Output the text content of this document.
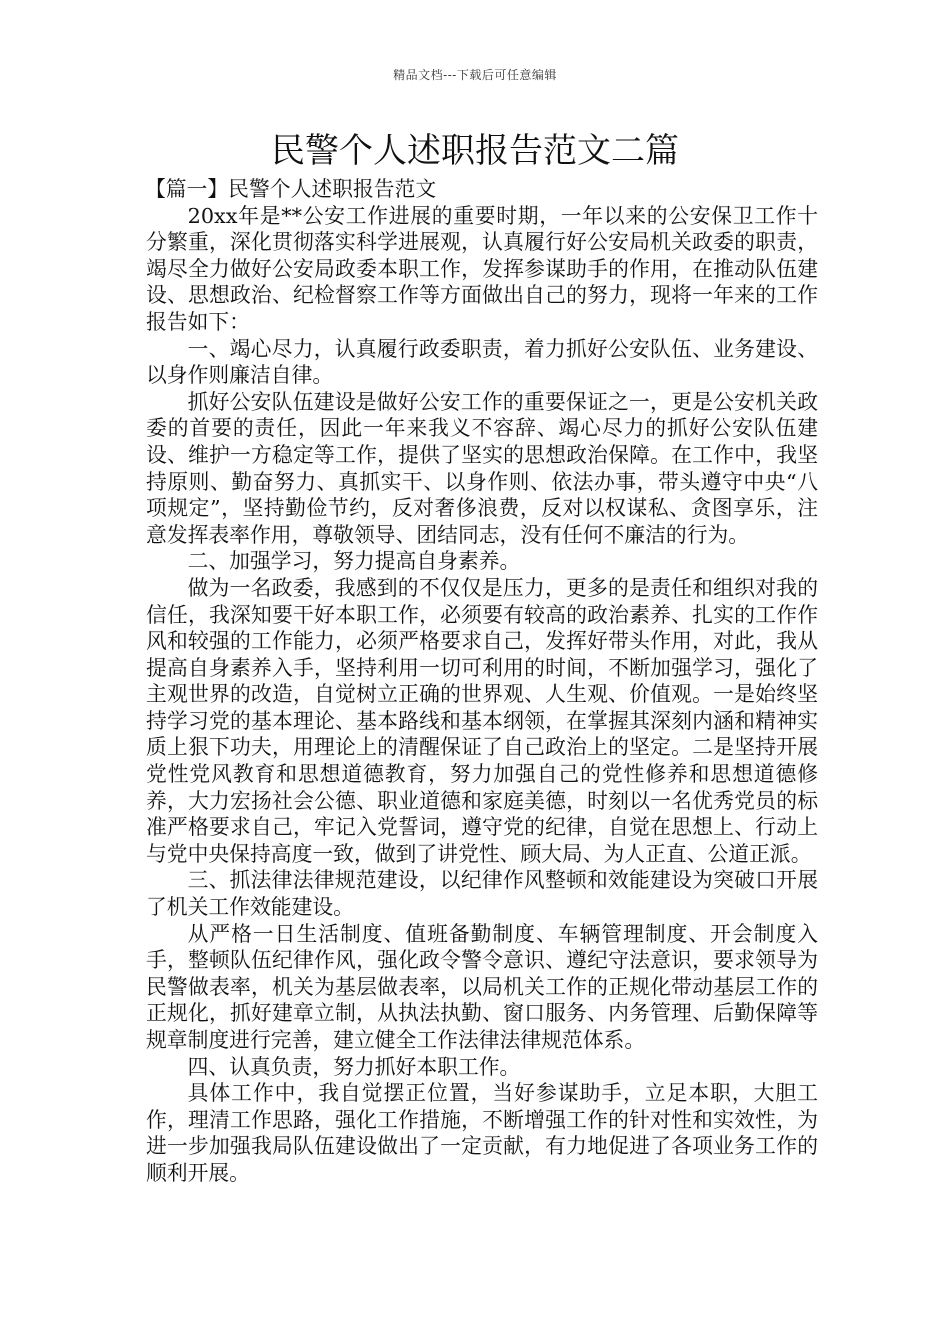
精品文档---下载后可任意编辑
民警个人述职报告范文二篇
【篇一】民警个人述职报告范文

20xx年是**公安工作进展的重要时期，一年以来的公安保卫工作十分繁重，深化贯彻落实科学进展观，认真履行好公安局机关政委的职责，竭尽全力做好公安局政委本职工作，发挥参谋助手的作用，在推动队伍建设、思想政治、纪检督察工作等方面做出自己的努力，现将一年来的工作报告如下：

一、竭心尽力，认真履行政委职责，着力抓好公安队伍、业务建设、以身作则廉洁自律。

抓好公安队伍建设是做好公安工作的重要保证之一，更是公安机关政委的首要的责任，因此一年来我义不容辞、竭心尽力的抓好公安队伍建设、维护一方稳定等工作，提供了坚实的思想政治保障。在工作中，我坚持原则、勤奋努力、真抓实干、以身作则、依法办事，带头遵守中央“八项规定”，坚持勤俭节约，反对奢侈浪费，反对以权谋私、贪图享乐，注意发挥表率作用，尊敬领导、团结同志，没有任何不廉洁的行为。

二、加强学习，努力提高自身素养。

做为一名政委，我感到的不仅仅是压力，更多的是责任和组织对我的信任，我深知要干好本职工作，必须要有较高的政治素养、扎实的工作作风和较强的工作能力，必须严格要求自己，发挥好带头作用，对此，我从提高自身素养入手，坚持利用一切可利用的时间，不断加强学习，强化了主观世界的改造，自觉树立正确的世界观、人生观、价值观。一是始终坚持学习党的基本理论、基本路线和基本纲领，在掌握其深刻内涵和精神实质上狠下功夫，用理论上的清醒保证了自己政治上的坚定。二是坚持开展党性党风教育和思想道德教育，努力加强自己的党性修养和思想道德修养，大力宏扬社会公德、职业道德和家庭美德，时刻以一名优秀党员的标准严格要求自己，牢记入党誓词，遵守党的纪律，自觉在思想上、行动上与党中央保持高度一致，做到了讲党性、顾大局、为人正直、公道正派。

三、抓法律法律规范建设，以纪律作风整顿和效能建设为突破口开展了机关工作效能建设。

从严格一日生活制度、值班备勤制度、车辆管理制度、开会制度入手，整顿队伍纪律作风，强化政令警令意识、遵纪守法意识，要求领导为民警做表率，机关为基层做表率，以局机关工作的正规化带动基层工作的正规化，抓好建章立制，从执法执勤、窗口服务、内务管理、后勤保障等规章制度进行完善，建立健全工作法律法律规范体系。

四、认真负责，努力抓好本职工作。

具体工作中，我自觉摆正位置，当好参谋助手，立足本职，大胆工作，理清工作思路，强化工作措施，不断增强工作的针对性和实效性，为进一步加强我局队伍建设做出了一定贡献，有力地促进了各项业务工作的顺利开展。
